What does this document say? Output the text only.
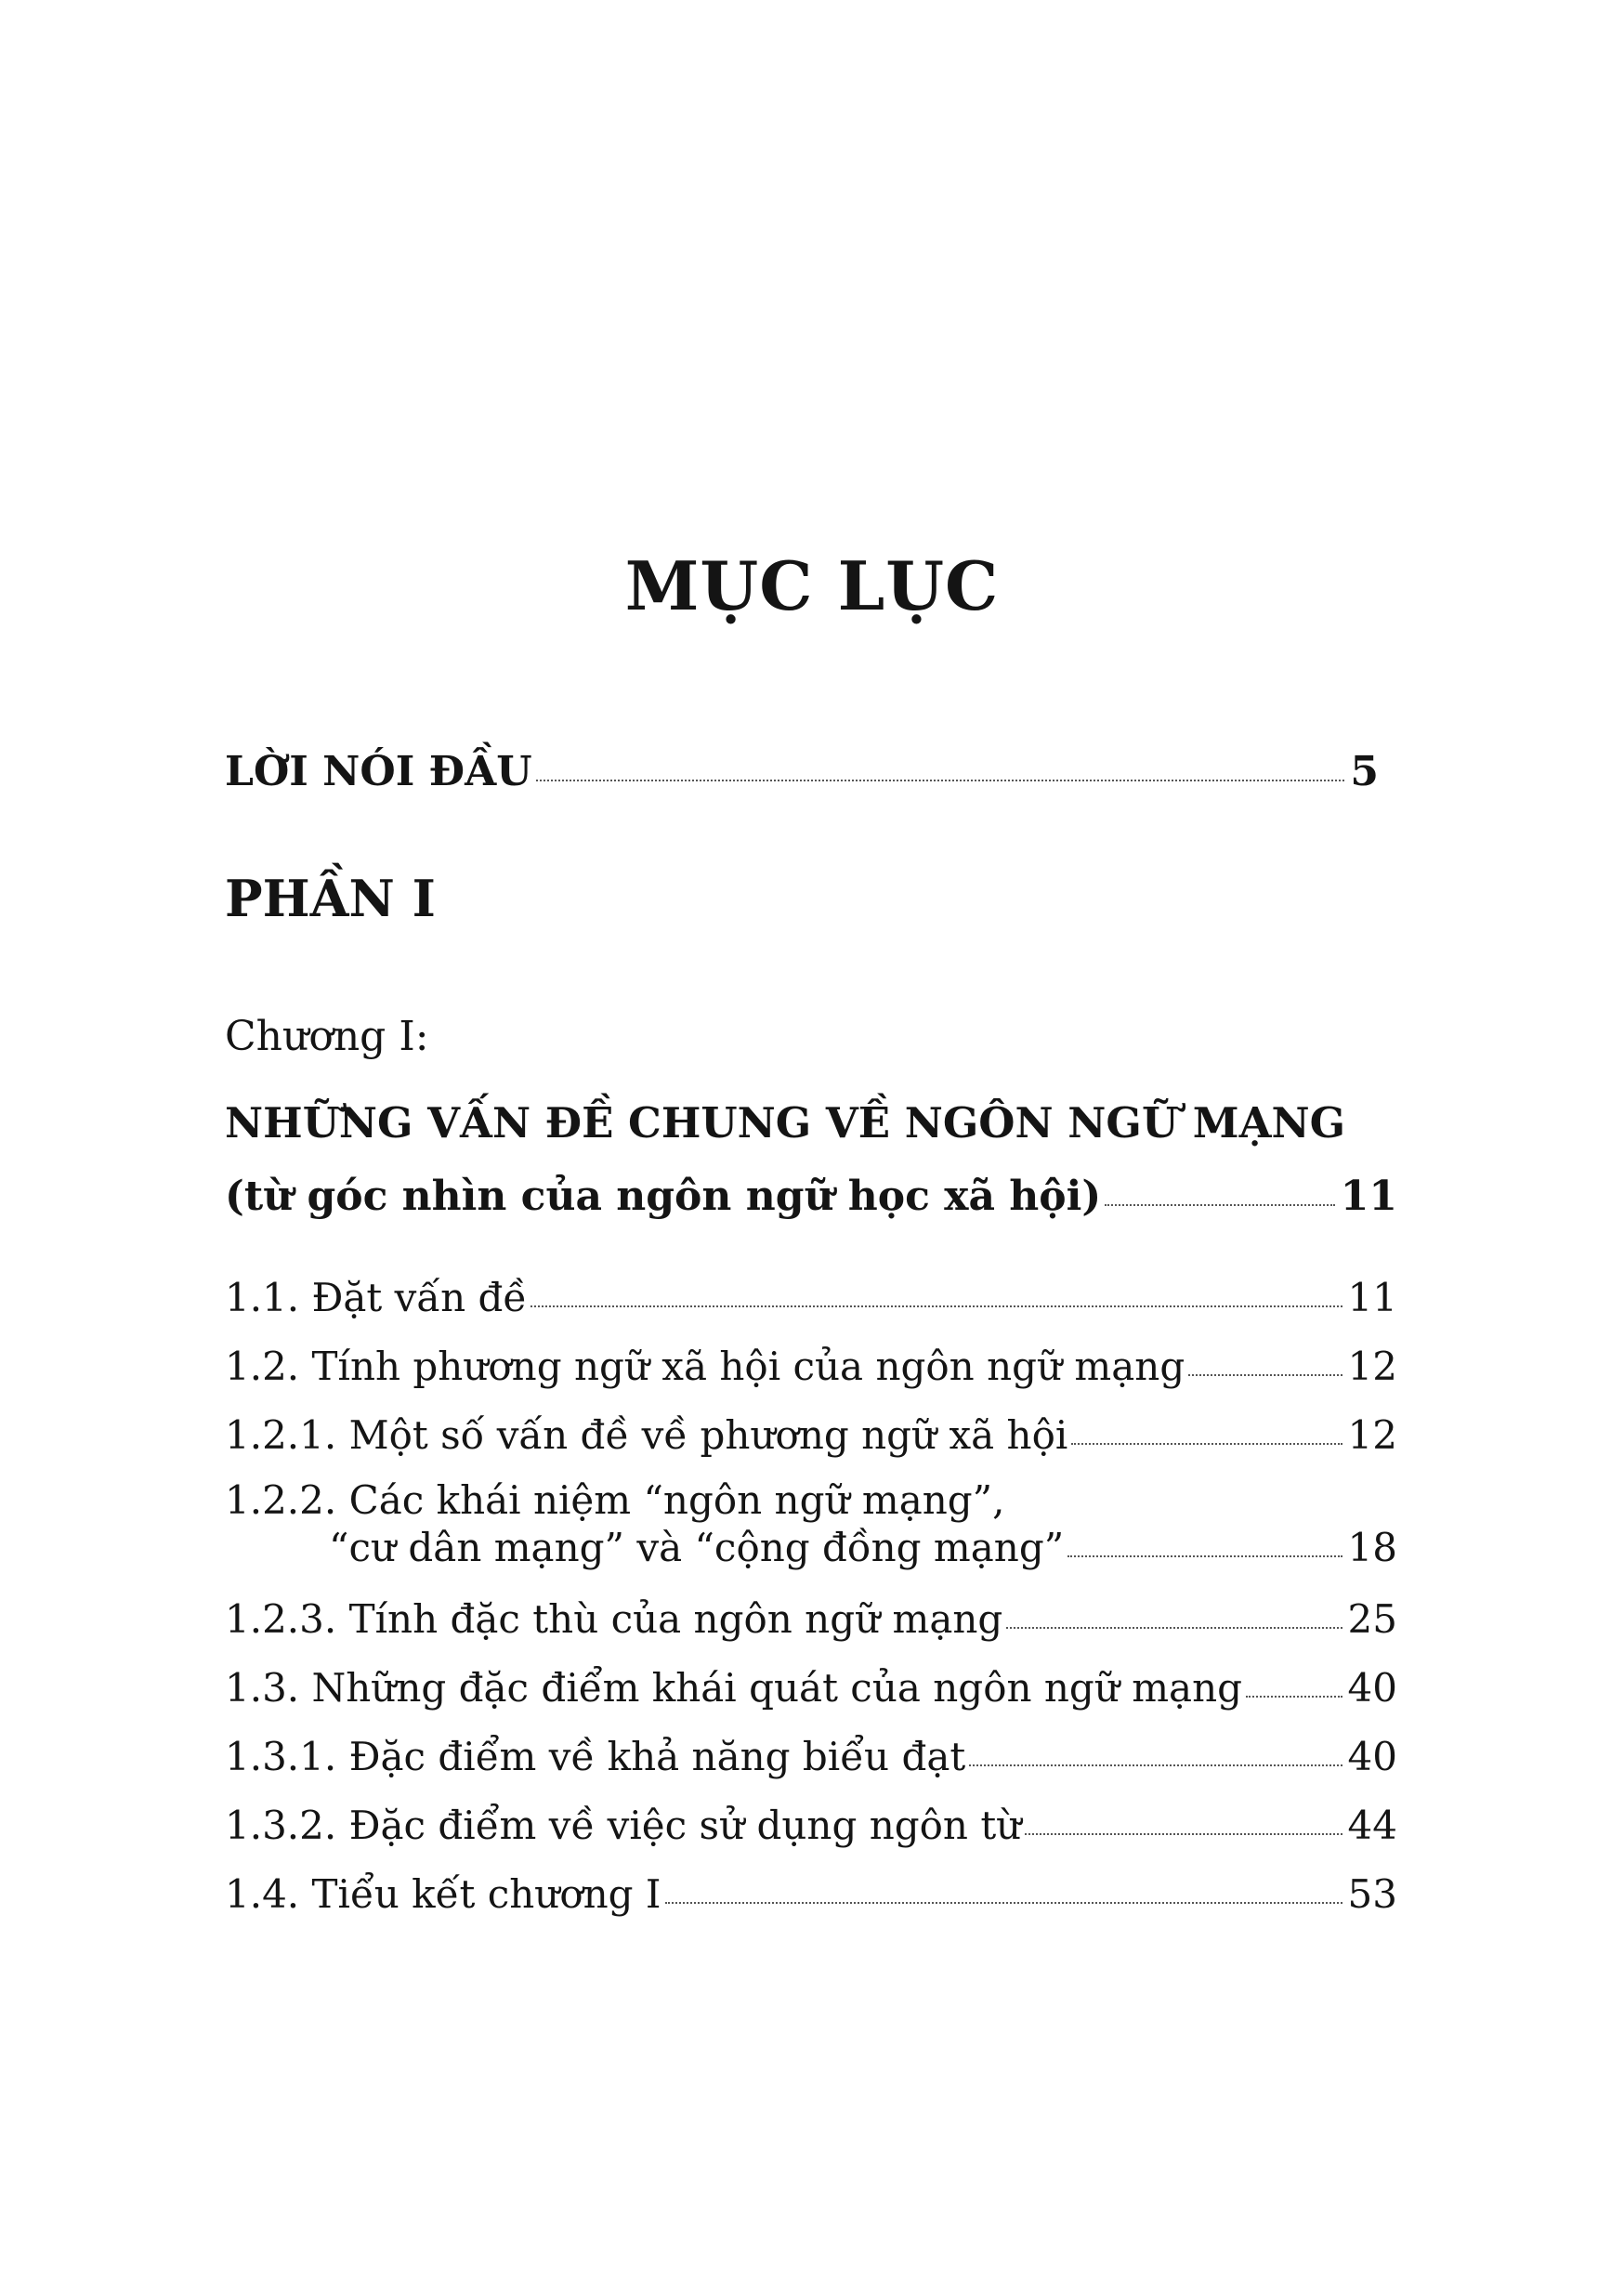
MỤC LỤC
LỜI NÓI ĐẦU	5
PHẦN I
Chương I:
NHỮNG VẤN ĐỀ CHUNG VỀ NGÔN NGỮ MẠNG
(từ góc nhìn của ngôn ngữ học xã hội)	11
1.1. Đặt vấn đề	11
1.2. Tính phương ngữ xã hội của ngôn ngữ mạng	12
1.2.1. Một số vấn đề về phương ngữ xã hội	12
1.2.2. Các khái niệm “ngôn ngữ mạng”,
“cư dân mạng” và “cộng đồng mạng”	18
1.2.3. Tính đặc thù của ngôn ngữ mạng	25
1.3. Những đặc điểm khái quát của ngôn ngữ mạng	40
1.3.1. Đặc điểm về khả năng biểu đạt	40
1.3.2. Đặc điểm về việc sử dụng ngôn từ	44
1.4. Tiểu kết chương I	53
